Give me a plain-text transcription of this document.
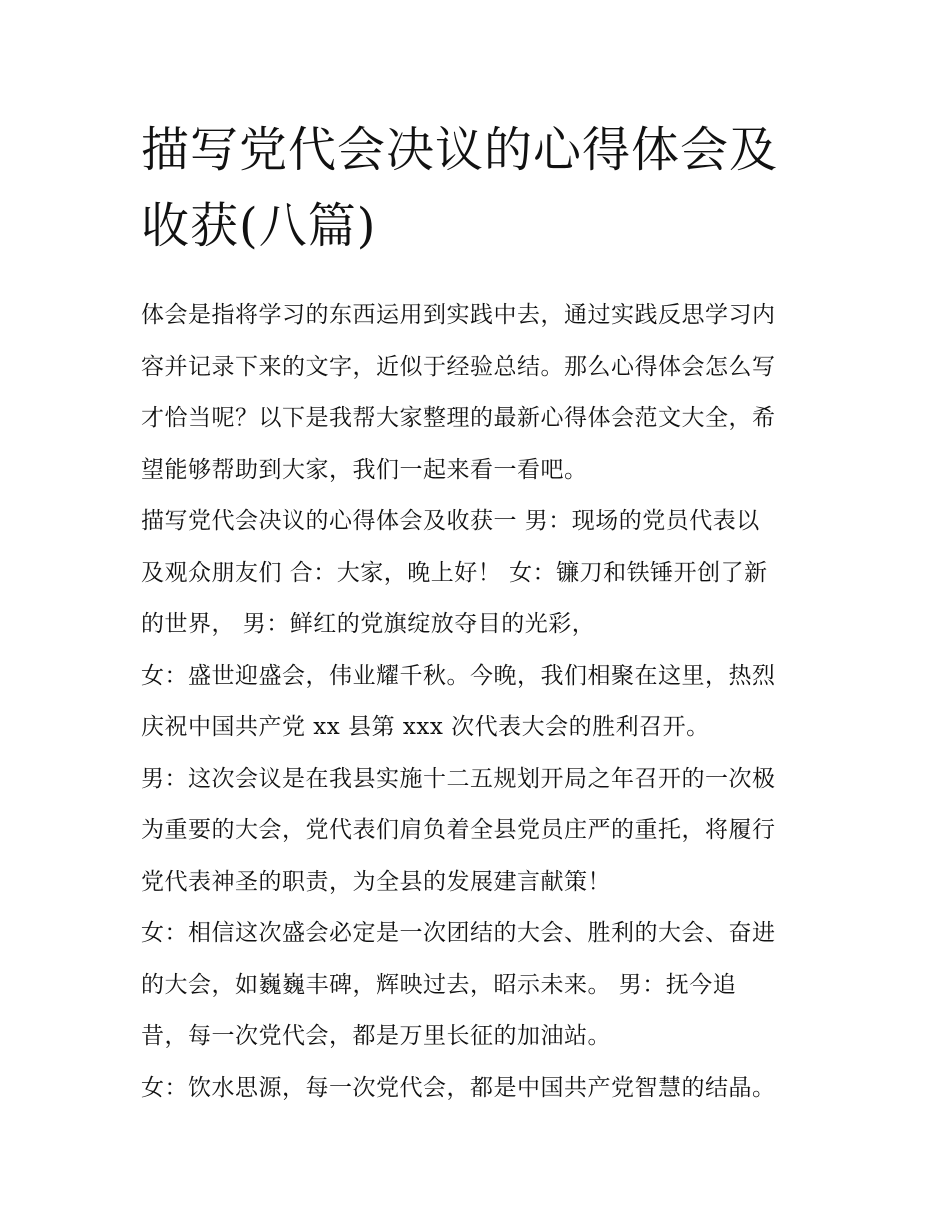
描写党代会决议的心得体会及
收获(八篇)
体会是指将学习的东西运用到实践中去，通过实践反思学习内
容并记录下来的文字，近似于经验总结。那么心得体会怎么写
才恰当呢？以下是我帮大家整理的最新心得体会范文大全，希
望能够帮助到大家，我们一起来看一看吧。
描写党代会决议的心得体会及收获一 男：现场的党员代表以
及观众朋友们 合：大家，晚上好！ 女：镰刀和铁锤开创了新
的世界， 男：鲜红的党旗绽放夺目的光彩，
女：盛世迎盛会，伟业耀千秋。今晚，我们相聚在这里，热烈
庆祝中国共产党 xx 县第 xxx 次代表大会的胜利召开。
男：这次会议是在我县实施十二五规划开局之年召开的一次极
为重要的大会，党代表们肩负着全县党员庄严的重托，将履行
党代表神圣的职责，为全县的发展建言献策！
女：相信这次盛会必定是一次团结的大会、胜利的大会、奋进
的大会，如巍巍丰碑，辉映过去，昭示未来。 男：抚今追
昔，每一次党代会，都是万里长征的加油站。
女：饮水思源，每一次党代会，都是中国共产党智慧的结晶。
